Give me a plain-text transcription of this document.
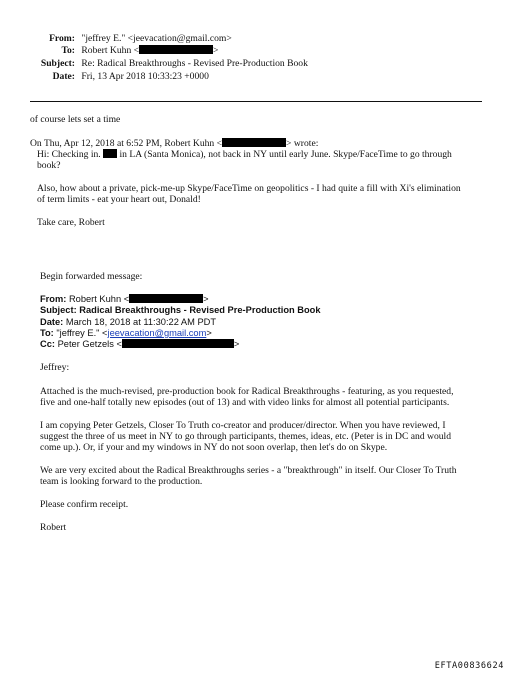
From: "jeffrey E." <jeevacation@gmail.com>
To: Robert Kuhn <	>
Subject: Re: Radical Breakthroughs - Revised Pre-Production Book
Date: Fri, 13 Apr 2018 10:33:23 +0000
of course lets set a time
On Thu, Apr 12, 2018 at 6:52 PM, Robert Kuhn <	> wrote:
Hi: Checking in. in LA (Santa Monica), not back in NY until early June. Skype/FaceTime to go through
book?
Also, how about a private, pick-me-up Skype/FaceTime on geopolitics - I had quite a fill with Xi's elimination
of term limits - eat your heart out, Donald!
Take care, Robert
Begin forwarded message:
From: Robert Kuhn <	>
Subject: Radical Breakthroughs - Revised Pre-Production Book
Date: March 18, 2018 at 11:30:22 AM PDT
To: "jeffrey E." <jeevacation@gmail.com>
Cc: Peter Getzels <	>
Jeffrey:
Attached is the much-revised, pre-production book for Radical Breakthroughs - featuring, as you requested,
five and one-half totally new episodes (out of 13) and with video links for almost all potential participants.
I am copying Peter Getzels, Closer To Truth co-creator and producer/director. When you have reviewed, I
suggest the three of us meet in NY to go through participants, themes, ideas, etc. (Peter is in DC and would
come up.). Or, if your and my windows in NY do not soon overlap, then let's do on Skype.
We are very excited about the Radical Breakthroughs series - a "breakthrough" in itself. Our Closer To Truth
team is looking forward to the production.
Please confirm receipt.
Robert
EFTA00836624
